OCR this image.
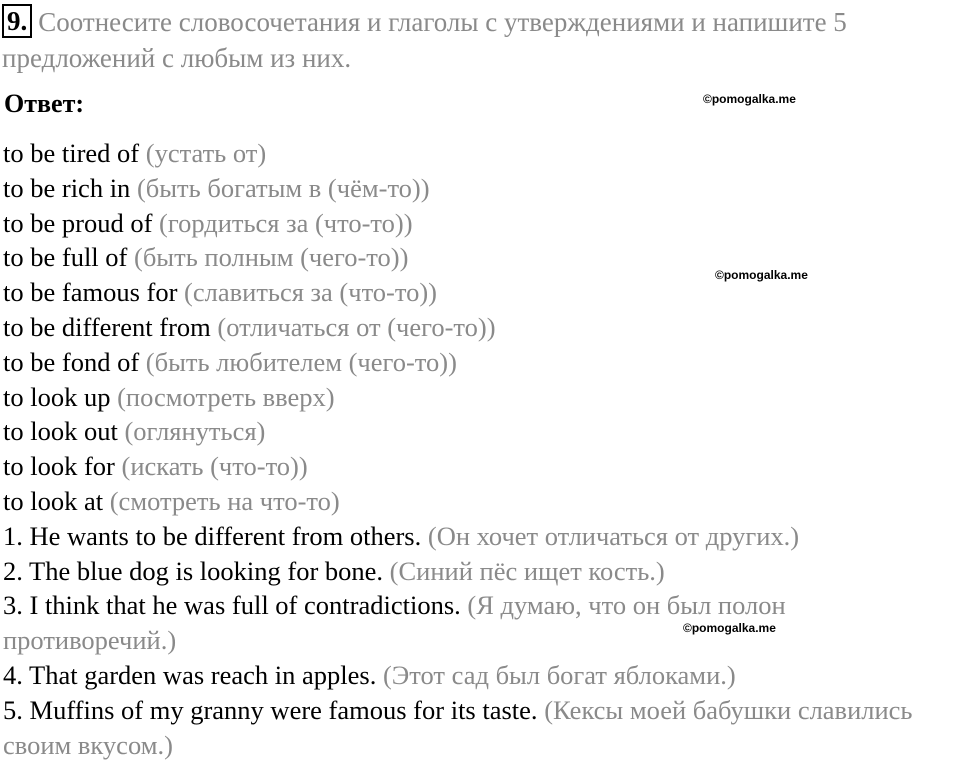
9. Соотнесите словосочетания и глаголы с утверждениями и напишите 5 предложений с любым из них.
Ответ:	©pomogalka.me
©pomogalka.me
©pomogalka.me
to be tired of (устать от)
to be rich in (быть богатым в (чём-то))
to be proud of (гордиться за (что-то))
to be full of (быть полным (чего-то))
to be famous for (славиться за (что-то))
to be different from (отличаться от (чего-то))
to be fond of (быть любителем (чего-то))
to look up (посмотреть вверх)
to look out (оглянуться)
to look for (искать (что-то))
to look at (смотреть на что-то)
1. He wants to be different from others. (Он хочет отличаться от других.)
2. The blue dog is looking for bone. (Синий пёс ищет кость.)
3. I think that he was full of contradictions. (Я думаю, что он был полон противоречий.)
4. That garden was reach in apples. (Этот сад был богат яблоками.)
5. Muffins of my granny were famous for its taste. (Кексы моей бабушки славились своим вкусом.)
